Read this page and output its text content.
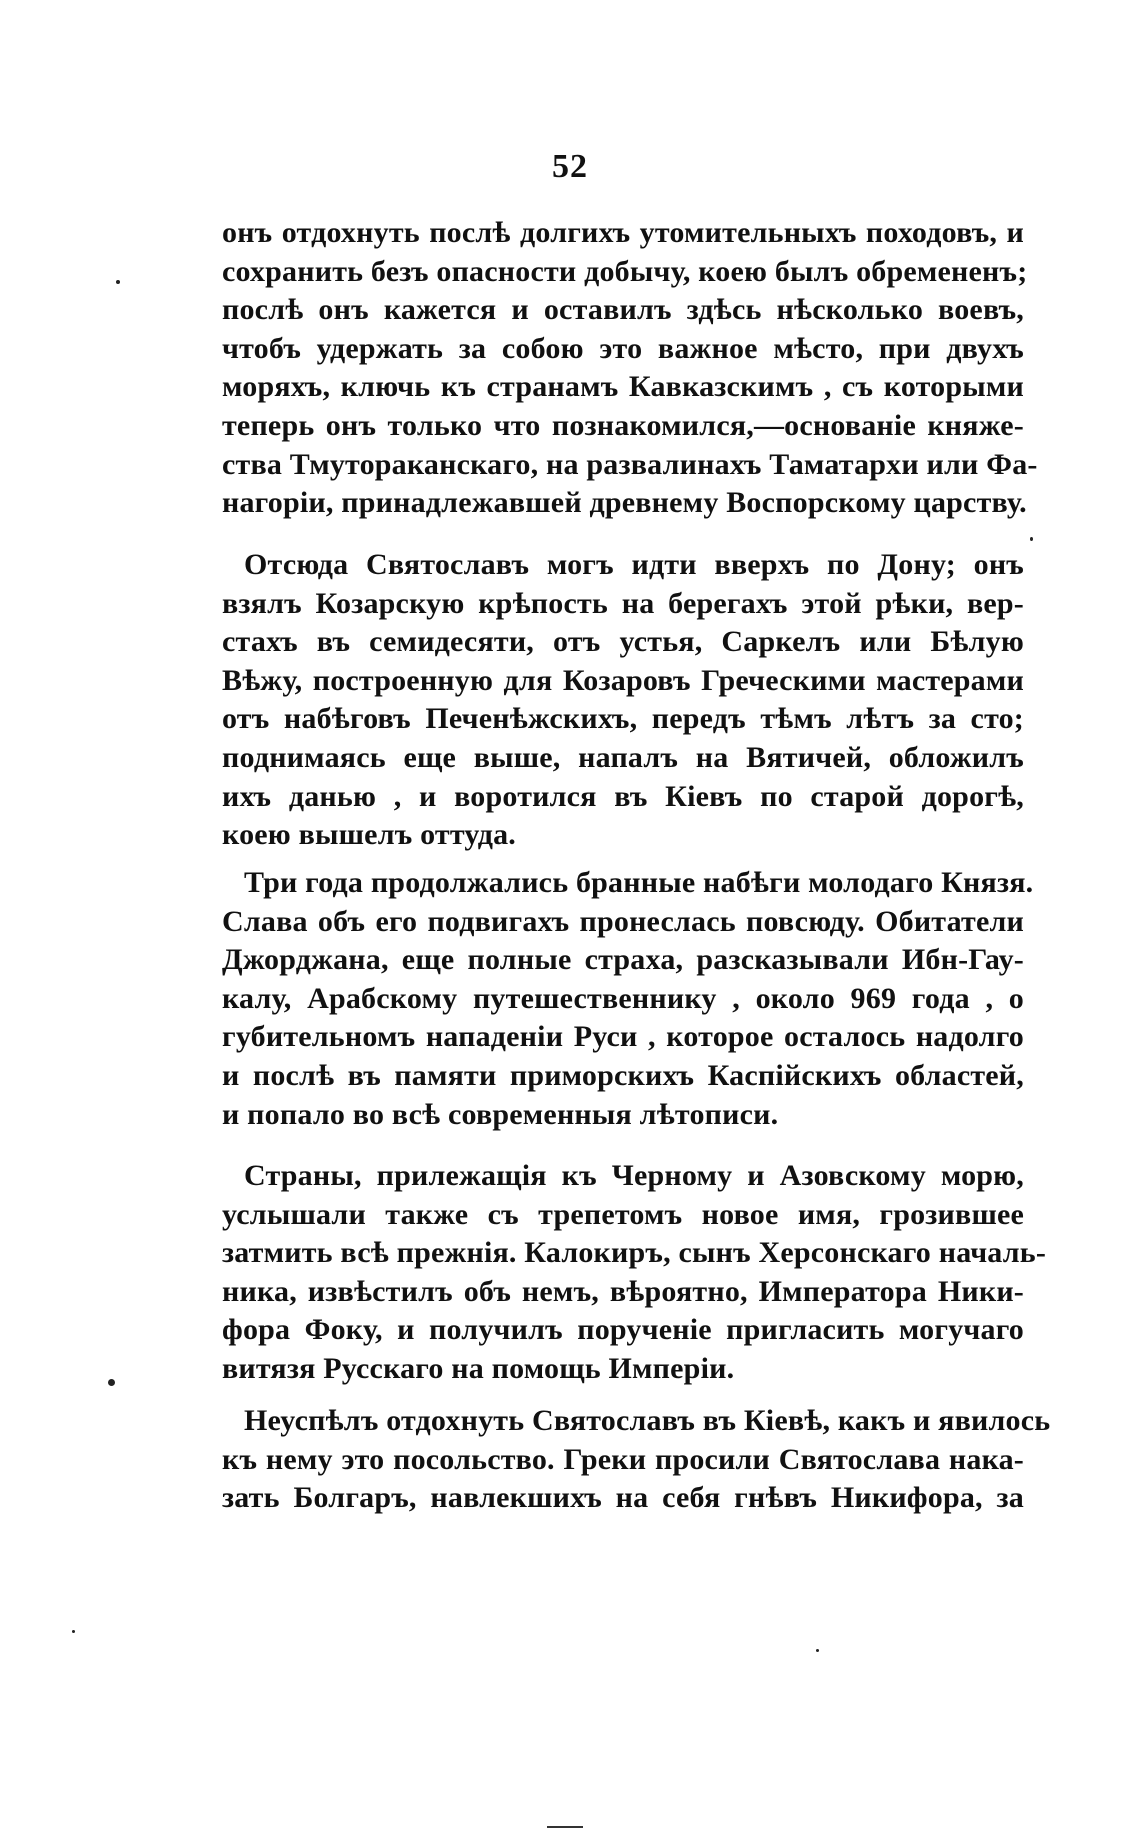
52
онъ отдохнуть послѣ долгихъ утомительныхъ походовъ, и
сохранить безъ опасности добычу, коею былъ обремененъ;
послѣ онъ кажется и оставилъ здѣсь нѣсколько воевъ,
чтобъ удержать за собою это важное мѣсто, при двухъ
моряхъ, ключь къ странамъ Кавказскимъ , съ которыми
теперь онъ только что познакомился,—основаніе княже-
ства Тмутораканскаго, на развалинахъ Таматархи или Фа-
нагоріи, принадлежавшей древнему Воспорскому царству.
Отсюда Святославъ могъ идти вверхъ по Дону; онъ
взялъ Козарскую крѣпость на берегахъ этой рѣки, вер-
стахъ въ семидесяти, отъ устья, Саркелъ или Бѣлую
Вѣжу, построенную для Козаровъ Греческими мастерами
отъ набѣговъ Печенѣжскихъ, передъ тѣмъ лѣтъ за сто;
поднимаясь еще выше, напалъ на Вятичей, обложилъ
ихъ данью , и воротился въ Кіевъ по старой дорогѣ,
коею вышелъ оттуда.
Три года продолжались бранные набѣги молодаго Князя.
Слава объ его подвигахъ пронеслась повсюду. Обитатели
Джорджана, еще полные страха, разсказывали Ибн-Гау-
калу, Арабскому путешественнику , около 969 года , о
губительномъ нападеніи Руси , которое осталось надолго
и послѣ въ памяти приморскихъ Каспійскихъ областей,
и попало во всѣ современныя лѣтописи.
Страны, прилежащія къ Черному и Азовскому морю,
услышали также съ трепетомъ новое имя, грозившее
затмить всѣ прежнія. Калокиръ, сынъ Херсонскаго началь-
ника, извѣстилъ объ немъ, вѣроятно, Императора Ники-
фора Фоку, и получилъ порученіе пригласить могучаго
витязя Русскаго на помощь Имперіи.
Неуспѣлъ отдохнуть Святославъ въ Кіевѣ, какъ и явилось
къ нему это посольство. Греки просили Святослава нака-
зать Болгаръ, навлекшихъ на себя гнѣвъ Никифора, за
